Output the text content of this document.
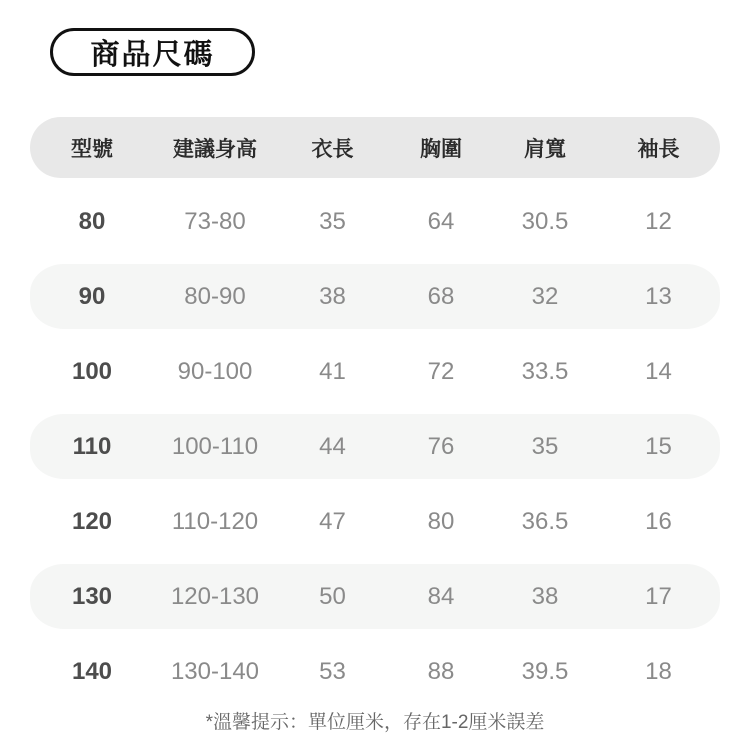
商品尺碼
型號	建議身高	衣長	胸圍	肩寬	袖長
80	73-80	35	64	30.5	12
90	80-90	38	68	32	13
100	90-100	41	72	33.5	14
110	100-110	44	76	35	15
120	110-120	47	80	36.5	16
130	120-130	50	84	38	17
140	130-140	53	88	39.5	18
*溫馨提示：單位厘米，存在1-2厘米誤差
